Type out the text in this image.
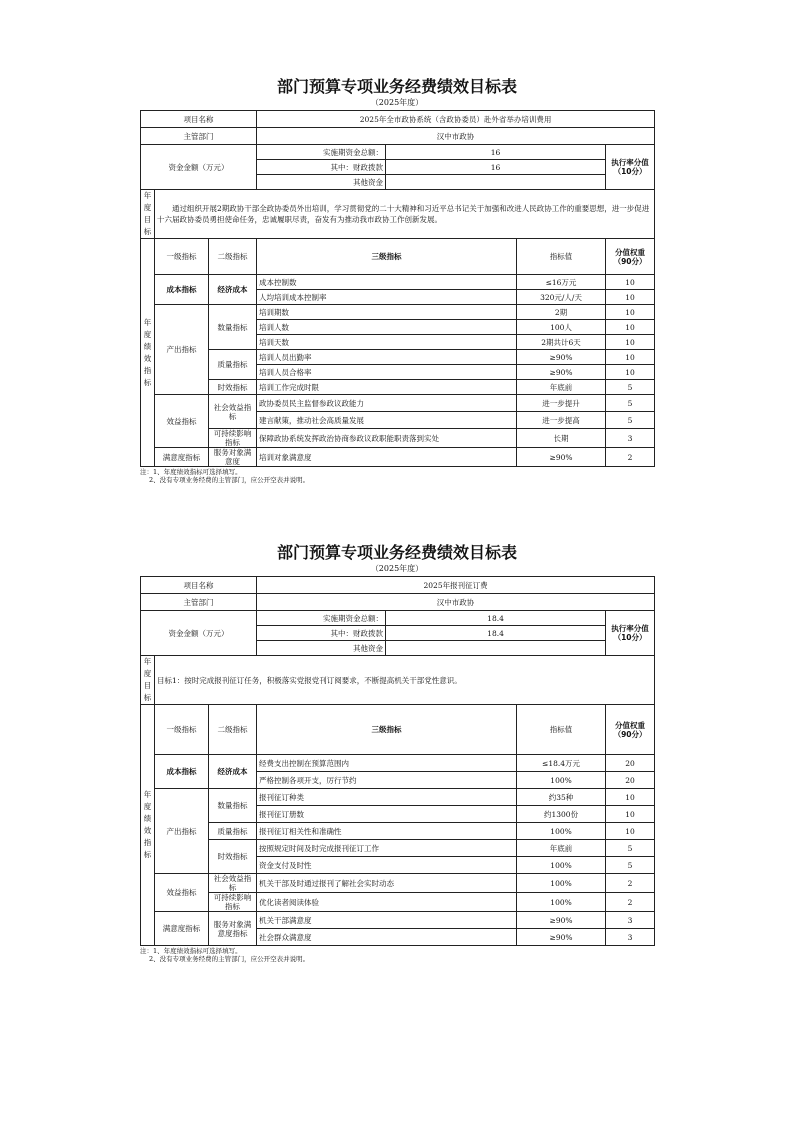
部门预算专项业务经费绩效目标表
（2025年度）
项目名称			2025年全市政协系统（含政协委员）赴外省举办培训费用			
主管部门			汉中市政协			
资金金额（万元）			实施期资金总额：	16		执行率分值（10分）
			其中：财政拨款	16		
			其他资金			
年度目标	通过组织开展2期政协干部全政协委员外出培训，学习贯彻党的二十大精神和习近平总书记关于加强和改进人民政协工作的重要思想，进一步促进十六届政协委员勇担使命任务，忠诚履职尽责，奋发有为推动我市政协工作创新发展。					
年度绩效指标	一级指标	二级指标	三级指标		指标值	分值权重（90分）
	成本指标	经济成本	成本控制数		≤16万元	10
			人均培训成本控制率		320元/人/天	10
	产出指标	数量指标	培训期数		2期	10
			培训人数		100人	10
			培训天数		2期共计6天	10
		质量指标	培训人员出勤率		≥90%	10
			培训人员合格率		≥90%	10
		时效指标	培训工作完成时限		年底前	5
	效益指标	社会效益指标	政协委员民主监督参政议政能力		进一步提升	5
			建言献策，推动社会高质量发展		进一步提高	5
		可持续影响指标	保障政协系统发挥政治协商参政议政职能职责落到实处		长期	3
	满意度指标	服务对象满意度	培训对象满意度		≥90%	2
注：1、年度绩效指标可选择填写。
2、没有专项业务经费的主管部门，应公开空表并说明。
部门预算专项业务经费绩效目标表
（2025年度）
项目名称			2025年报刊征订费			
主管部门			汉中市政协			
资金金额（万元）			实施期资金总额：	18.4		执行率分值（10分）
			其中：财政拨款	18.4		
			其他资金			
年度目标	目标1：按时完成报刊征订任务，积极落实党报党刊订阅要求，不断提高机关干部党性意识。					
年度绩效指标	一级指标	二级指标	三级指标		指标值	分值权重（90分）
	成本指标	经济成本	经费支出控制在预算范围内		≤18.4万元	20
			严格控制各项开支，厉行节约		100%	20
	产出指标	数量指标	报刊征订种类		约35种	10
			报刊征订册数		约1300份	10
		质量指标	报刊征订相关性和准确性		100%	10
		时效指标	按照规定时间及时完成报刊征订工作		年底前	5
			资金支付及时性		100%	5
	效益指标	社会效益指标	机关干部及时通过报刊了解社会实时动态		100%	2
		可持续影响指标	优化读者阅读体验		100%	2
	满意度指标	服务对象满意度指标	机关干部满意度		≥90%	3
			社会群众满意度		≥90%	3
注：1、年度绩效指标可选择填写。
2、没有专项业务经费的主管部门，应公开空表并说明。
